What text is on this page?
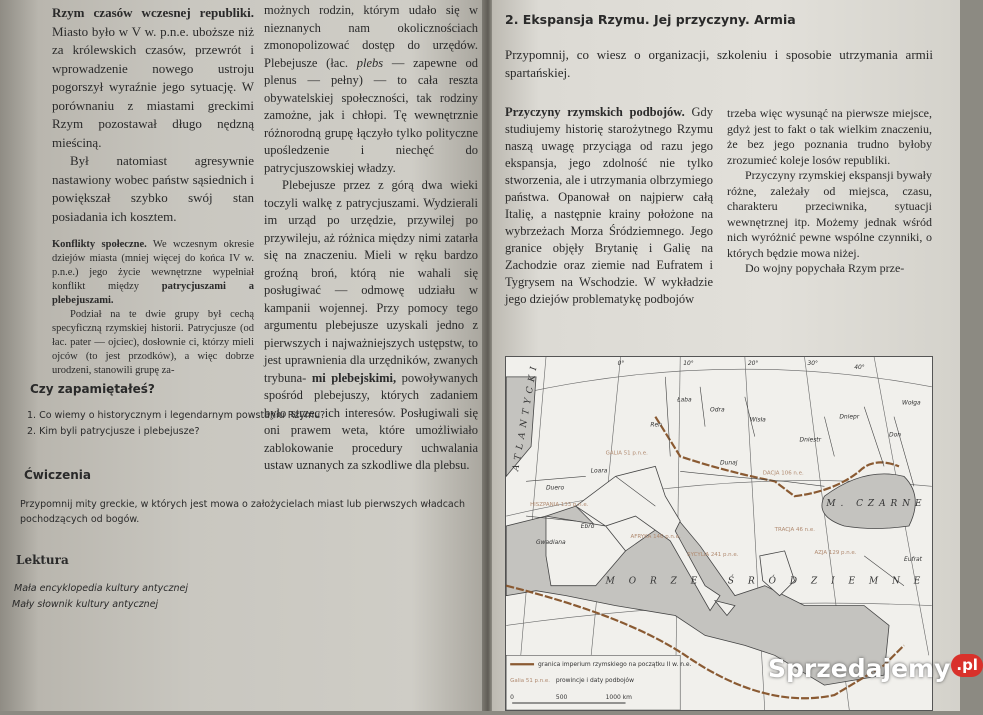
Rzym czasów wczesnej republiki. Miasto było w V w. p.n.e. uboższe niż za królewskich czasów, przewrót i wprowadzenie nowego ustroju pogorszył wyraźnie jego sytuację. W porównaniu z miastami greckimi Rzym pozostawał długo nędzną mieściną.

Był natomiast agresywnie nastawiony wobec państw sąsiednich i powiększał szybko swój stan posiadania ich kosztem.

Konflikty społeczne. We wczesnym okresie dziejów miasta (mniej więcej do końca IV w. p.n.e.) jego życie wewnętrzne wypełniał konflikt między patrycjuszami a plebejuszami.

Podział na te dwie grupy był cechą specyficzną rzymskiej historii. Patrycjusze (od łac. pater — ojciec), dosłownie ci, którzy mieli ojców (to jest przodków), a więc dobrze urodzeni, stanowili grupę za-

możnych rodzin, którym udało się w nieznanych nam okolicznościach zmonopolizować dostęp do urzędów. Plebejusze (łac. plebs — zapewne od plenus — pełny) — to cała reszta obywatelskiej społeczności, tak rodziny zamożne, jak i chłopi. Tę wewnętrznie różnorodną grupę łączyło tylko polityczne upośledzenie i niechęć do patrycjuszowskiej władzy.

Plebejusze przez z górą dwa wieki toczyli walkę z patrycjuszami. Wydzierali im urząd po urzędzie, przywilej po przywileju, aż różnica między nimi zatarła się na znaczeniu. Mieli w ręku bardzo groźną broń, którą nie wahali się posługiwać — odmowę udziału w kampanii wojennej. Przy pomocy tego argumentu plebejusze uzyskali jedno z pierwszych i najważniejszych ustępstw, to jest uprawnienia dla urzędników, zwanych trybuna- mi plebejskimi, powoływanych spośród plebejuszy, których zadaniem było strzec ich interesów. Posługiwali się oni prawem weta, które umożliwiało zablokowanie procedury uchwalania ustaw uznanych za szkodliwe dla plebsu.

Czy zapamiętałeś?
1. Co wiemy o historycznym i legendarnym powstaniu Rzymu?
2. Kim byli patrycjusze i plebejusze?
Ćwiczenia
Przypomnij mity greckie, w których jest mowa o założycielach miast lub pierwszych władcach pochodzących od bogów.
Lektura
Mała encyklopedia kultury antycznej
Mały słownik kultury antycznej
2. Ekspansja Rzymu. Jej przyczyny. Armia
Przypomnij, co wiesz o organizacji, szkoleniu i sposobie utrzymania armii spartańskiej.

Przyczyny rzymskich podbojów. Gdy studiujemy historię starożytnego Rzymu naszą uwagę przyciąga od razu jego ekspansja, jego zdolność nie tylko stworzenia, ale i utrzymania olbrzymiego państwa. Opanował on najpierw całą Italię, a następnie krainy położone na wybrzeżach Morza Śródziemnego. Jego granice objęły Brytanię i Galię na Zachodzie oraz ziemie nad Eufratem i Tygrysem na Wschodzie. W wykładzie jego dziejów problematykę podbojów

trzeba więc wysunąć na pierwsze miejsce, gdyż jest to fakt o tak wielkim znaczeniu, że bez jego poznania trudno byłoby zrozumieć koleje losów republiki.

Przyczyny rzymskiej ekspansji bywały różne, zależały od miejsca, czasu, charakteru przeciwnika, sytuacji wewnętrznej itp. Możemy jednak wśród nich wyróżnić pewne wspólne czynniki, o których będzie mowa niżej.

Do wojny popychała Rzym prze-

MORZE ŚRÓDZIEMNE
M. CZARNE
ATLANTYCKI	Loara
Duero
Ebro
Gwadiana
Ren
Łaba
Odra
Wisła
Dunaj
Dniestr
Dniepr
Don
Wołga
Eufrat
HISZPANIA 133 p.n.e.
GALIA 51 p.n.e.
DACJA 106 n.e.
TRACJA 46 n.e.
AZJA 129 p.n.e.
SYCYLIA 241 p.n.e.
AFRYKA 146 p.n.e.
granica imperium rzymskiego na początku II w. n.e.
Galia 51 p.n.e. prowincje i daty podbojów
0	500	1000 km
0°	10°	20°	30°
40°
Sprzedajemy .pl
